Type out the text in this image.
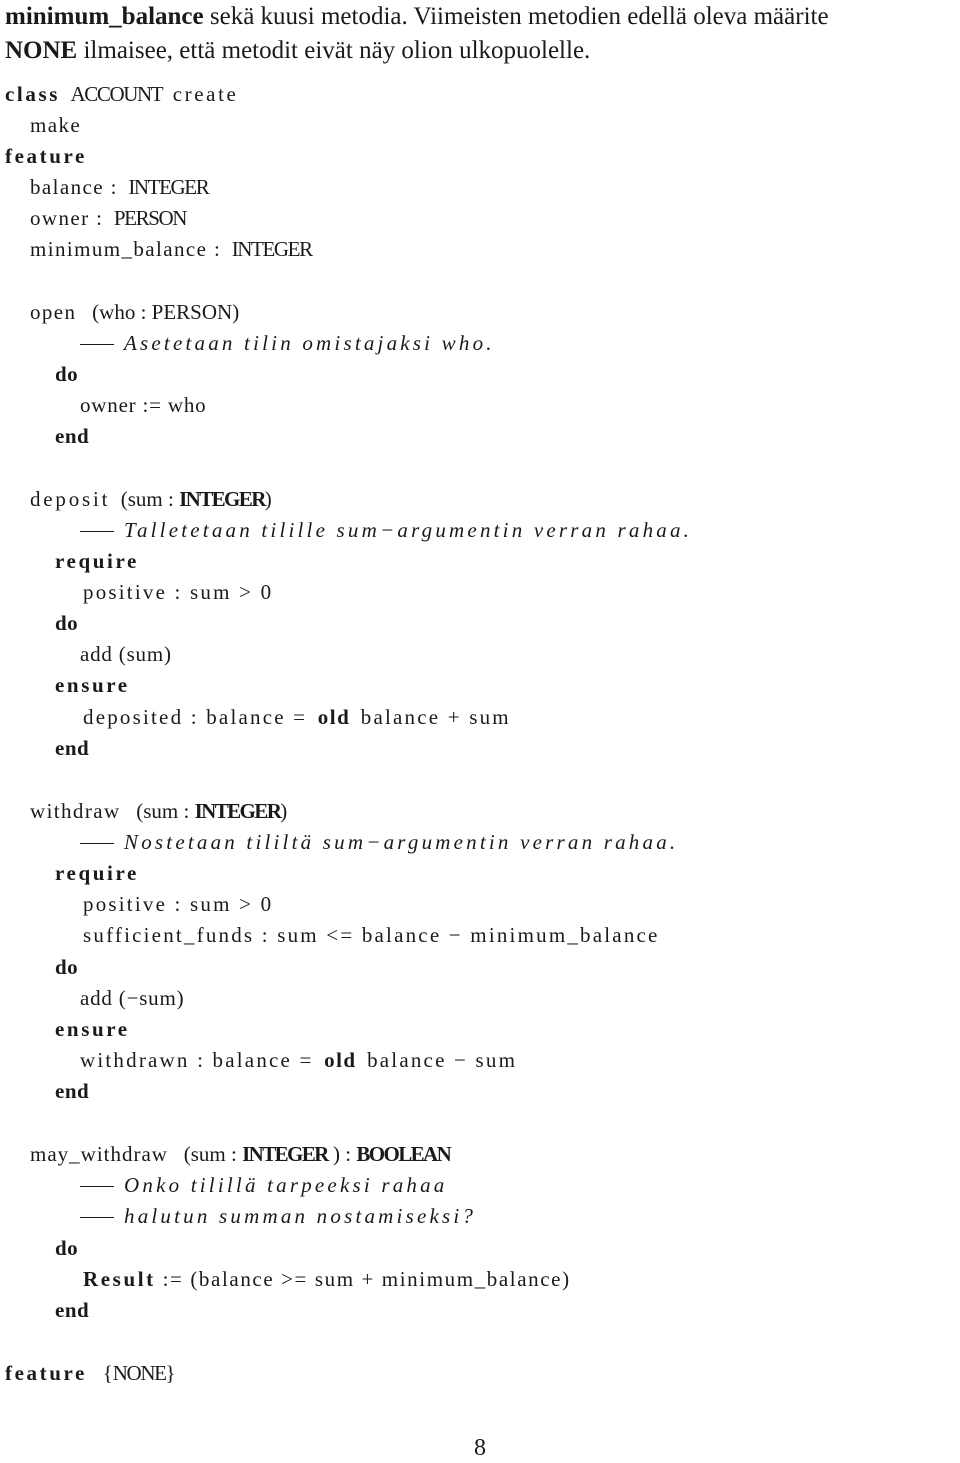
minimum_balance sekä kuusi metodia. Viimeisten metodien edellä oleva määrite
NONE ilmaisee, että metodit eivät näy olion ulkopuolelle.
class ACCOUNT create
make
feature
balance : INTEGER
owner : PERSON
minimum_balance : INTEGER
open (who : PERSON)
Asetetaan tilin omistajaksi who.
do
owner := who
end
deposit (sum : INTEGER)
Talletetaan tilille sum−argumentin verran rahaa.
require
positive : sum > 0
do
add (sum)
ensure
deposited : balance = old balance + sum
end
withdraw (sum : INTEGER)
Nostetaan tililtä sum−argumentin verran rahaa.
require
positive : sum > 0
sufficient_funds : sum <= balance − minimum_balance
do
add (−sum)
ensure
withdrawn : balance = old balance − sum
end
may_withdraw (sum : INTEGER ) : BOOLEAN
Onko tilillä tarpeeksi rahaa
halutun summan nostamiseksi?
do
Result := (balance >= sum + minimum_balance)
end
feature {NONE}
8
